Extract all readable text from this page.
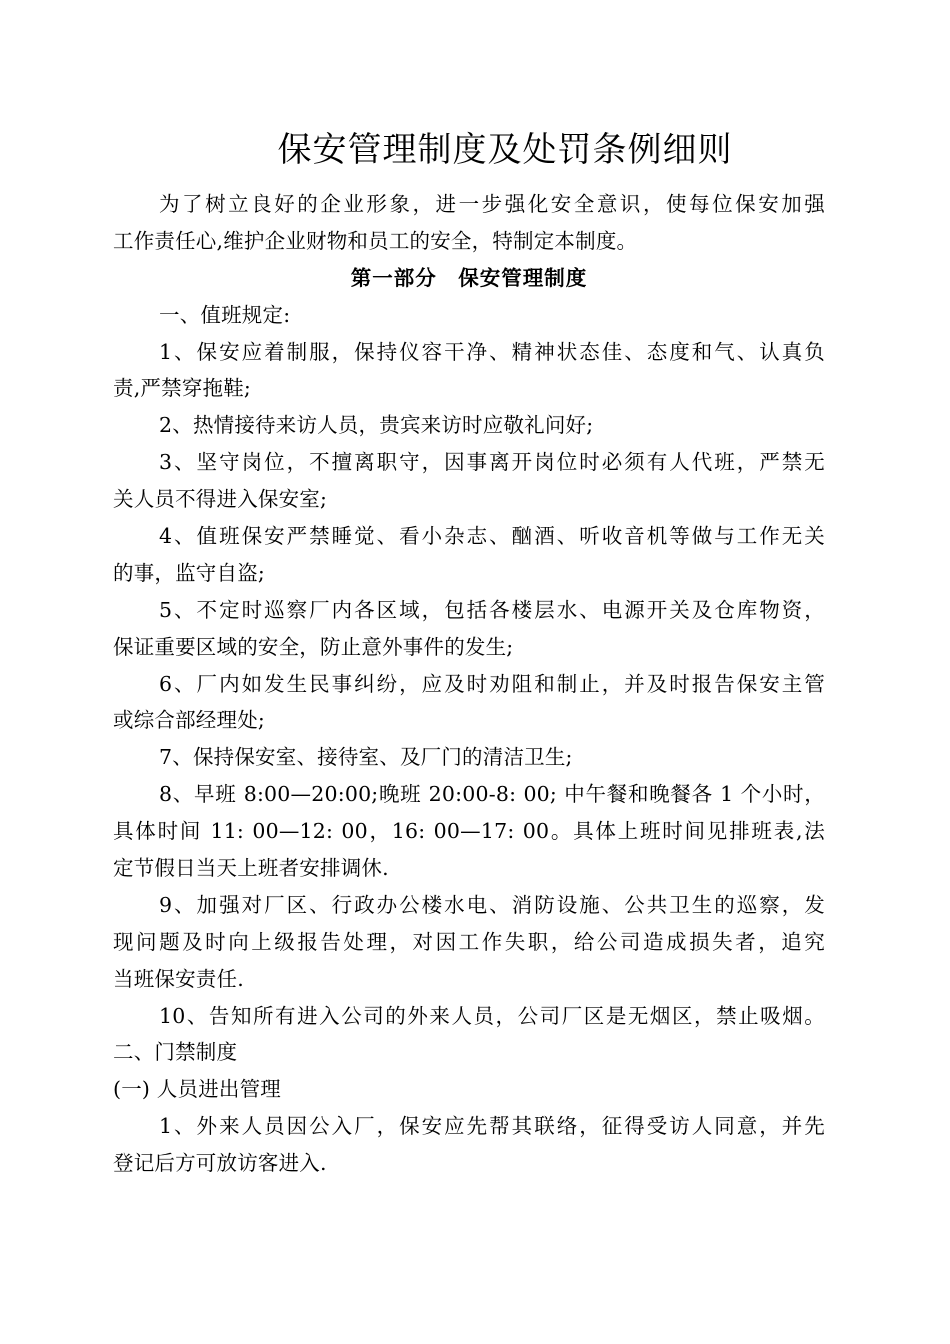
保安管理制度及处罚条例细则
为了树立良好的企业形象，进一步强化安全意识，使每位保安加强
工作责任心,维护企业财物和员工的安全，特制定本制度。
第一部分　保安管理制度
一、值班规定:
1、保安应着制服，保持仪容干净、精神状态佳、态度和气、认真负
责,严禁穿拖鞋;
2、热情接待来访人员，贵宾来访时应敬礼问好;
3、坚守岗位，不擅离职守，因事离开岗位时必须有人代班，严禁无
关人员不得进入保安室;
4、值班保安严禁睡觉、看小杂志、酗酒、听收音机等做与工作无关
的事，监守自盗;
5、不定时巡察厂内各区域，包括各楼层水、电源开关及仓库物资，
保证重要区域的安全，防止意外事件的发生;
6、厂内如发生民事纠纷，应及时劝阻和制止，并及时报告保安主管
或综合部经理处;
7、保持保安室、接待室、及厂门的清洁卫生;
8、早班 8:00—20:00;晚班 20:00-8: 00; 中午餐和晚餐各 1 个小时，
具体时间 11: 00—12: 00，16: 00—17: 00。具体上班时间见排班表,法
定节假日当天上班者安排调休.
9、加强对厂区、行政办公楼水电、消防设施、公共卫生的巡察，发
现问题及时向上级报告处理，对因工作失职，给公司造成损失者，追究
当班保安责任.
10、告知所有进入公司的外来人员，公司厂区是无烟区，禁止吸烟。
二、门禁制度
(一) 人员进出管理
1、外来人员因公入厂，保安应先帮其联络，征得受访人同意，并先
登记后方可放访客进入.
